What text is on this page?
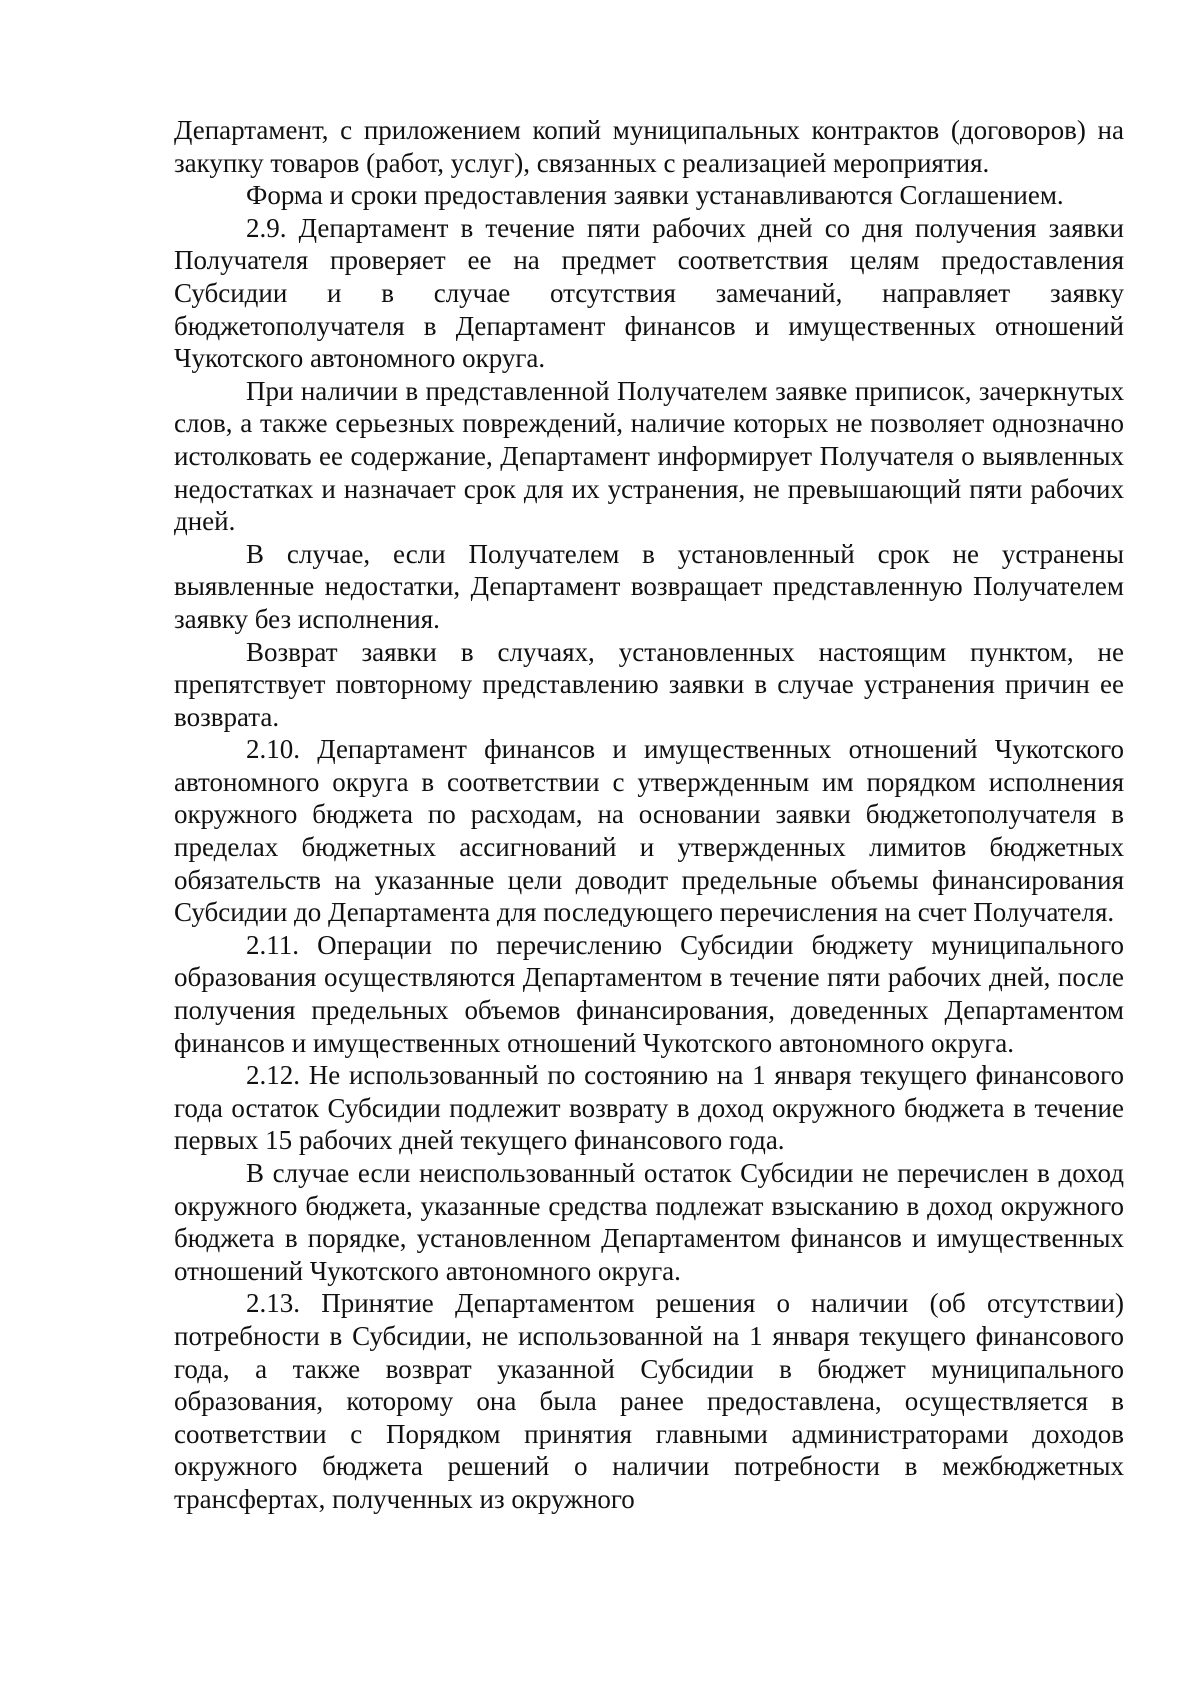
Департамент, с приложением копий муниципальных контрактов (договоров) на закупку товаров (работ, услуг), связанных с реализацией мероприятия.

Форма и сроки предоставления заявки устанавливаются Соглашением.

2.9. Департамент в течение пяти рабочих дней со дня получения заявки Получателя проверяет ее на предмет соответствия целям предоставления Субсидии и в случае отсутствия замечаний, направляет заявку бюджетополучателя в Департамент финансов и имущественных отношений Чукотского автономного округа.

При наличии в представленной Получателем заявке приписок, зачеркнутых слов, а также серьезных повреждений, наличие которых не позволяет однозначно истолковать ее содержание, Департамент информирует Получателя о выявленных недостатках и назначает срок для их устранения, не превышающий пяти рабочих дней.

В случае, если Получателем в установленный срок не устранены выявленные недостатки, Департамент возвращает представленную Получателем заявку без исполнения.

Возврат заявки в случаях, установленных настоящим пунктом, не препятствует повторному представлению заявки в случае устранения причин ее возврата.

2.10. Департамент финансов и имущественных отношений Чукотского автономного округа в соответствии с утвержденным им порядком исполнения окружного бюджета по расходам, на основании заявки бюджетополучателя в пределах бюджетных ассигнований и утвержденных лимитов бюджетных обязательств на указанные цели доводит предельные объемы финансирования Субсидии до Департамента для последующего перечисления на счет Получателя.

2.11. Операции по перечислению Субсидии бюджету муниципального образования осуществляются Департаментом в течение пяти рабочих дней, после получения предельных объемов финансирования, доведенных Департаментом финансов и имущественных отношений Чукотского автономного округа.

2.12. Не использованный по состоянию на 1 января текущего финансового года остаток Субсидии подлежит возврату в доход окружного бюджета в течение первых 15 рабочих дней текущего финансового года.

В случае если неиспользованный остаток Субсидии не перечислен в доход окружного бюджета, указанные средства подлежат взысканию в доход окружного бюджета в порядке, установленном Департаментом финансов и имущественных отношений Чукотского автономного округа.

2.13. Принятие Департаментом решения о наличии (об отсутствии) потребности в Субсидии, не использованной на 1 января текущего финансового года, а также возврат указанной Субсидии в бюджет муниципального образования, которому она была ранее предоставлена, осуществляется в соответствии с Порядком принятия главными администраторами доходов окружного бюджета решений о наличии потребности в межбюджетных трансфертах, полученных из окружного
